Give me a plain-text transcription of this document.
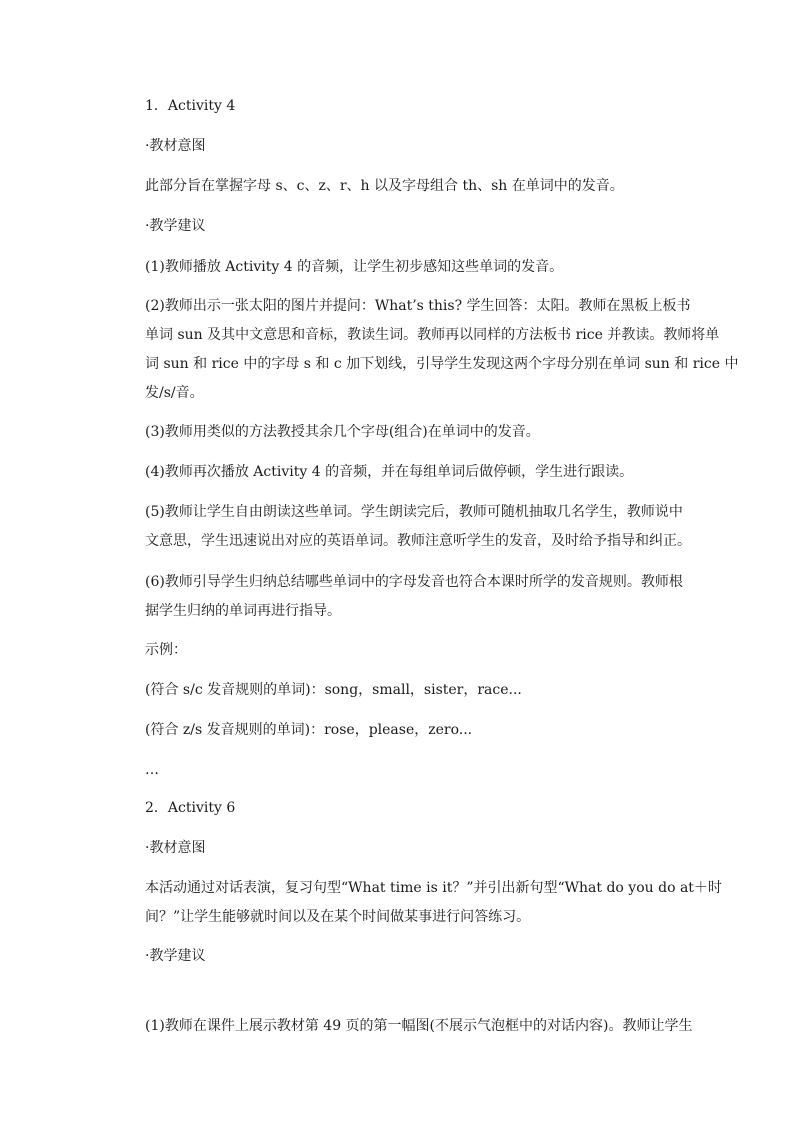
1．Activity 4
·教材意图
此部分旨在掌握字母 s、c、z、r、h 以及字母组合 th、sh 在单词中的发音。
·教学建议
(1)教师播放 Activity 4 的音频，让学生初步感知这些单词的发音。
(2)教师出示一张太阳的图片并提问：What’s this? 学生回答：太阳。教师在黑板上板书
单词 sun 及其中文意思和音标，教读生词。教师再以同样的方法板书 rice 并教读。教师将单
词 sun 和 rice 中的字母 s 和 c 加下划线，引导学生发现这两个字母分别在单词 sun 和 rice 中
发/s/音。
(3)教师用类似的方法教授其余几个字母(组合)在单词中的发音。
(4)教师再次播放 Activity 4 的音频，并在每组单词后做停顿，学生进行跟读。
(5)教师让学生自由朗读这些单词。学生朗读完后，教师可随机抽取几名学生，教师说中
文意思，学生迅速说出对应的英语单词。教师注意听学生的发音，及时给予指导和纠正。
(6)教师引导学生归纳总结哪些单词中的字母发音也符合本课时所学的发音规则。教师根
据学生归纳的单词再进行指导。
示例：
(符合 s/c 发音规则的单词)：song，small，sister，race...
(符合 z/s 发音规则的单词)：rose，please，zero...
…
2．Activity 6
·教材意图
本活动通过对话表演，复习句型“What time is it？”并引出新句型“What do you do at＋时
间？”让学生能够就时间以及在某个时间做某事进行问答练习。
·教学建议
(1)教师在课件上展示教材第 49 页的第一幅图(不展示气泡框中的对话内容)。教师让学生
